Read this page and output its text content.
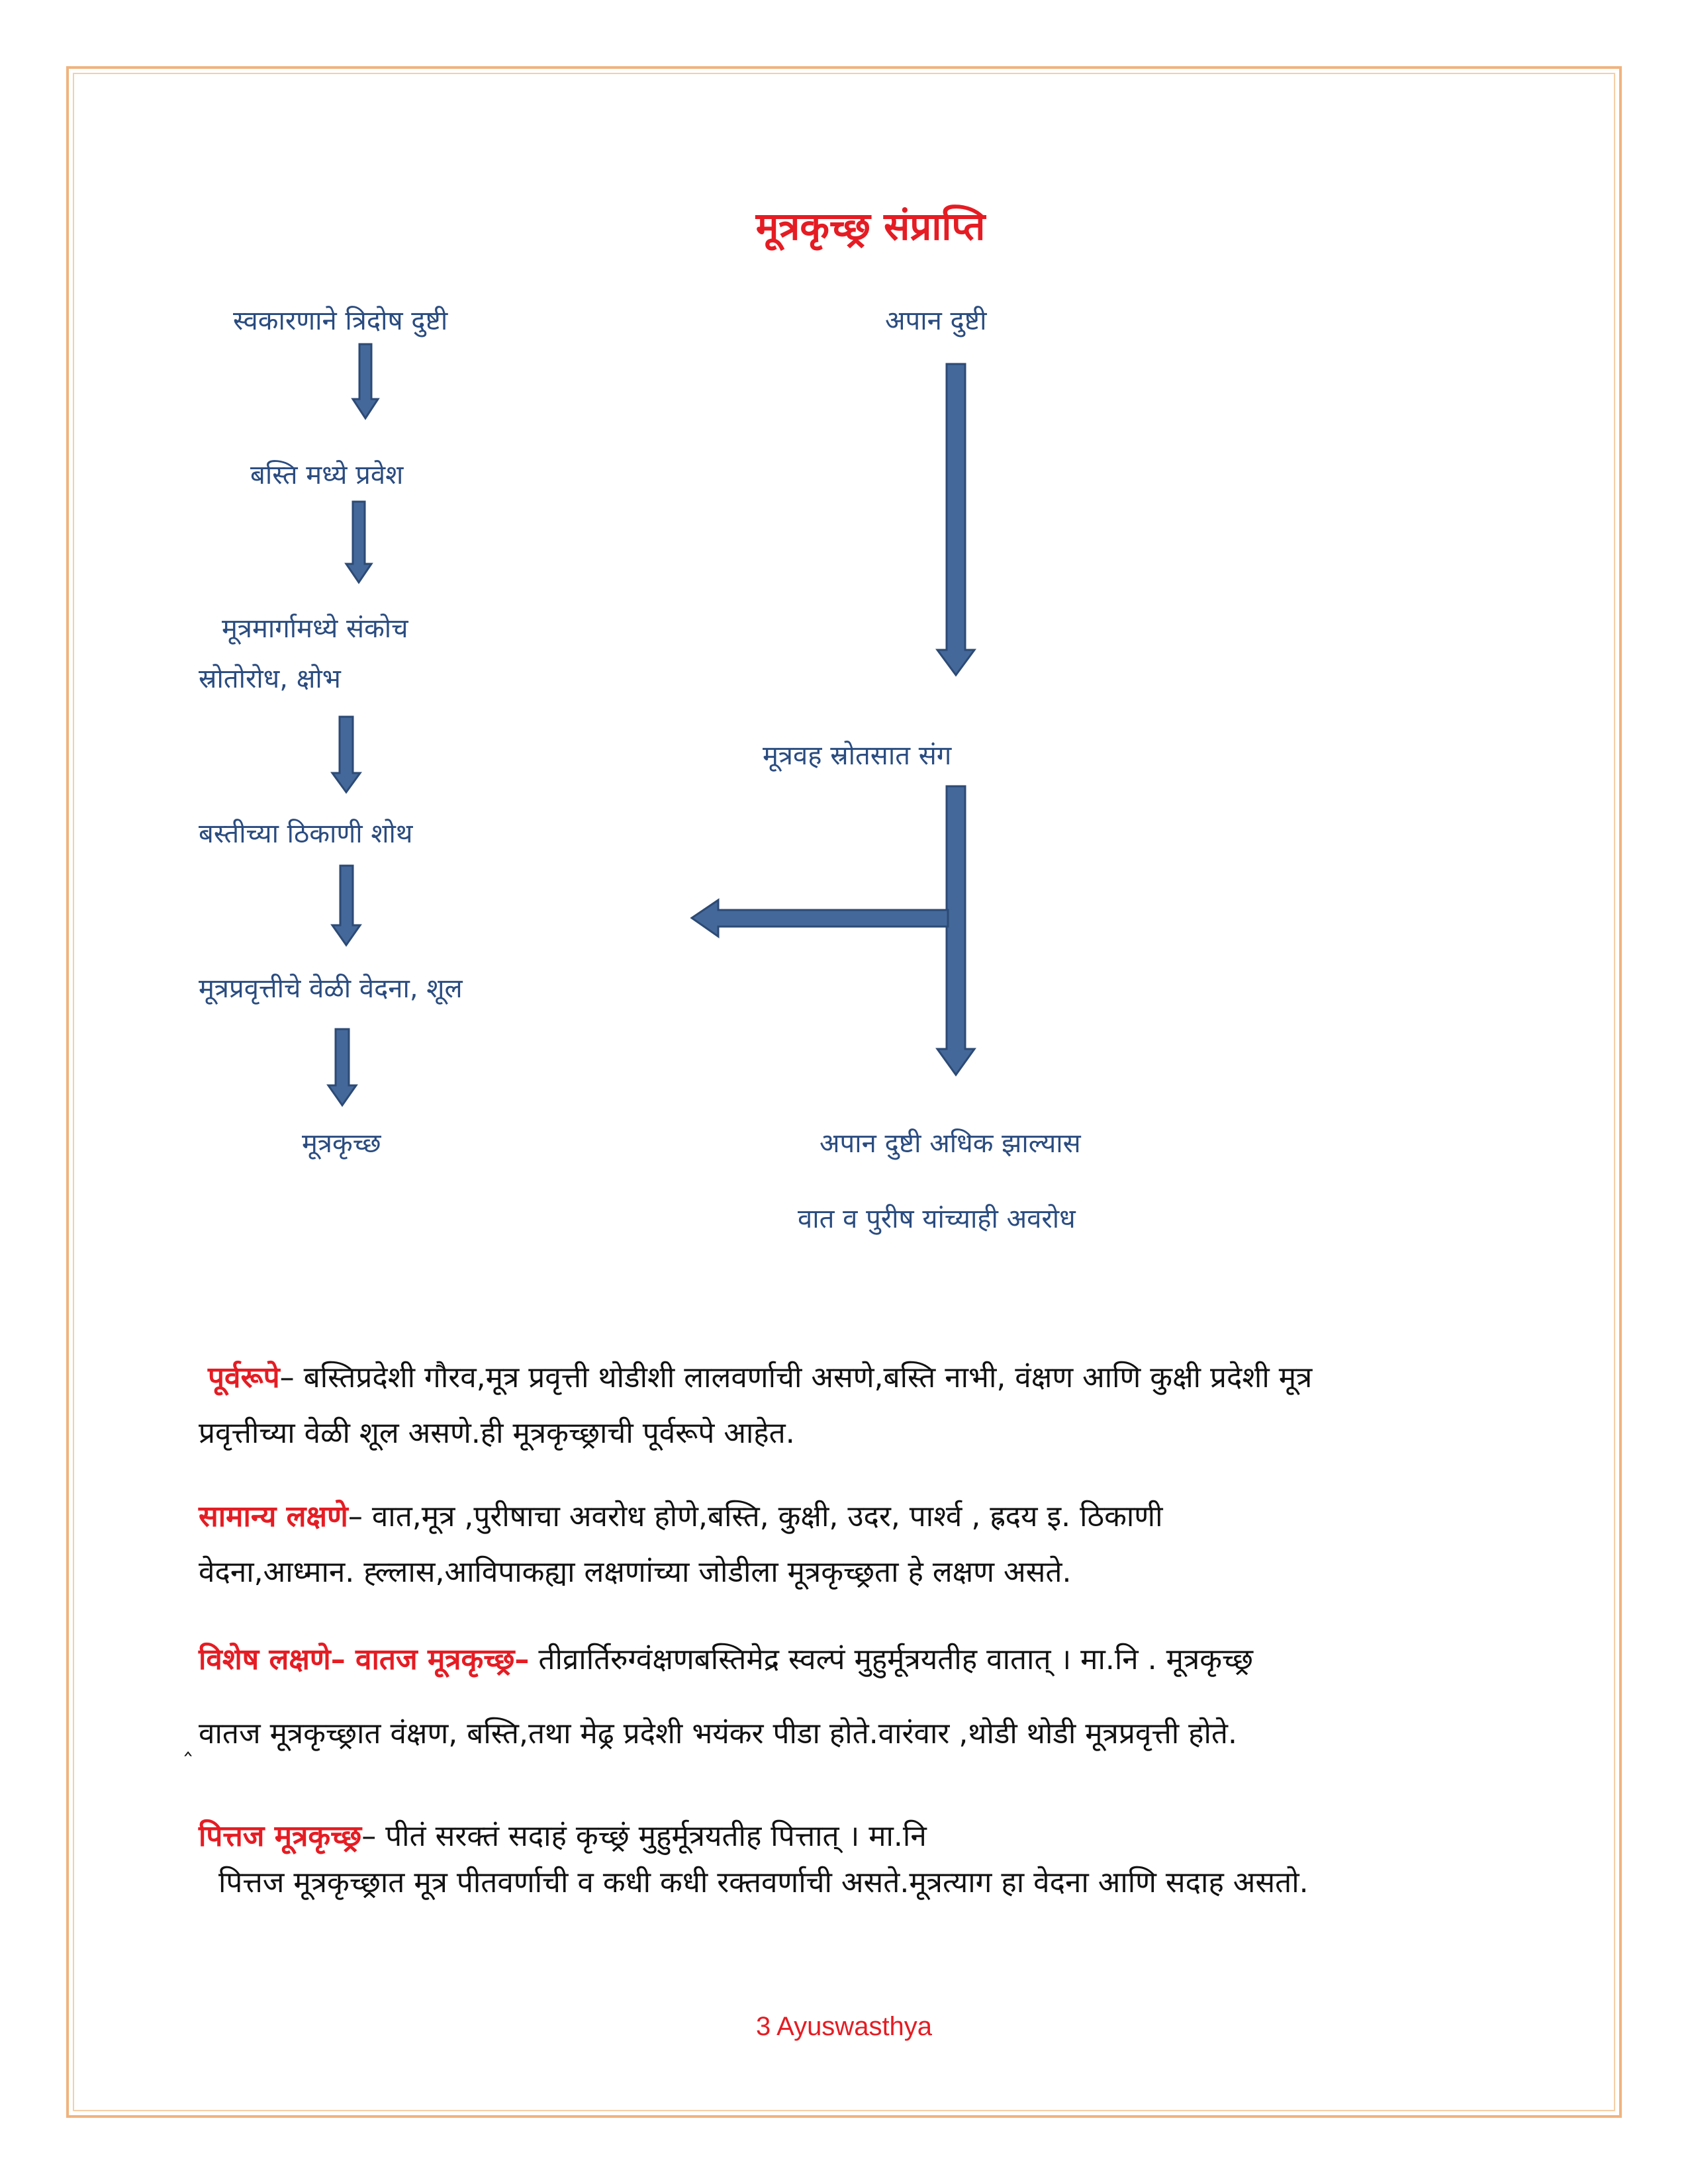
मूत्रकृच्छ्र संप्राप्ति
स्वकारणाने त्रिदोष दुष्टी
बस्ति मध्ये प्रवेश
मूत्रमार्गामध्ये संकोच
स्रोतोरोध, क्षोभ
बस्तीच्या ठिकाणी शोथ
मूत्रप्रवृत्तीचे वेळी वेदना, शूल
मूत्रकृच्छ
अपान दुष्टी
मूत्रवह स्रोतसात संग
अपान दुष्टी अधिक झाल्यास
वात व पुरीष यांच्याही अवरोध
पूर्वरूपे– बस्तिप्रदेशी गौरव,मूत्र प्रवृत्ती थोडीशी लालवर्णाची असणे,बस्ति नाभी, वंक्षण आणि कुक्षी प्रदेशी मूत्र
प्रवृत्तीच्या वेळी शूल असणे.ही मूत्रकृच्छ्राची पूर्वरूपे आहेत.
सामान्य लक्षणे– वात,मूत्र ,पुरीषाचा अवरोध होणे,बस्ति, कुक्षी, उदर, पार्श्व , ह्रदय इ. ठिकाणी
वेदना,आध्मान. ह्ल्लास,आविपाकह्या लक्षणांच्या जोडीला मूत्रकृच्छ्रता हे लक्षण असते.
विशेष लक्षणे– वातज मूत्रकृच्छ्र– तीव्रार्तिरुग्वंक्षणबस्तिमेद्र स्वल्पं मुहुर्मूत्रयतीह वातात् । मा.नि . मूत्रकृच्छ्र
‸ वातज मूत्रकृच्छ्रात वंक्षण, बस्ति,तथा मेढ्र प्रदेशी भयंकर पीडा होते.वारंवार ,थोडी थोडी मूत्रप्रवृत्ती होते.
पित्तज मूत्रकृच्छ्र– पीतं सरक्तं सदाहं कृच्छ्रं मुहुर्मूत्रयतीह पित्तात् । मा.नि
पित्तज मूत्रकृच्छ्रात मूत्र पीतवर्णाची व कधी कधी रक्तवर्णाची असते.मूत्रत्याग हा वेदना आणि सदाह असतो.
3 Ayuswasthya
